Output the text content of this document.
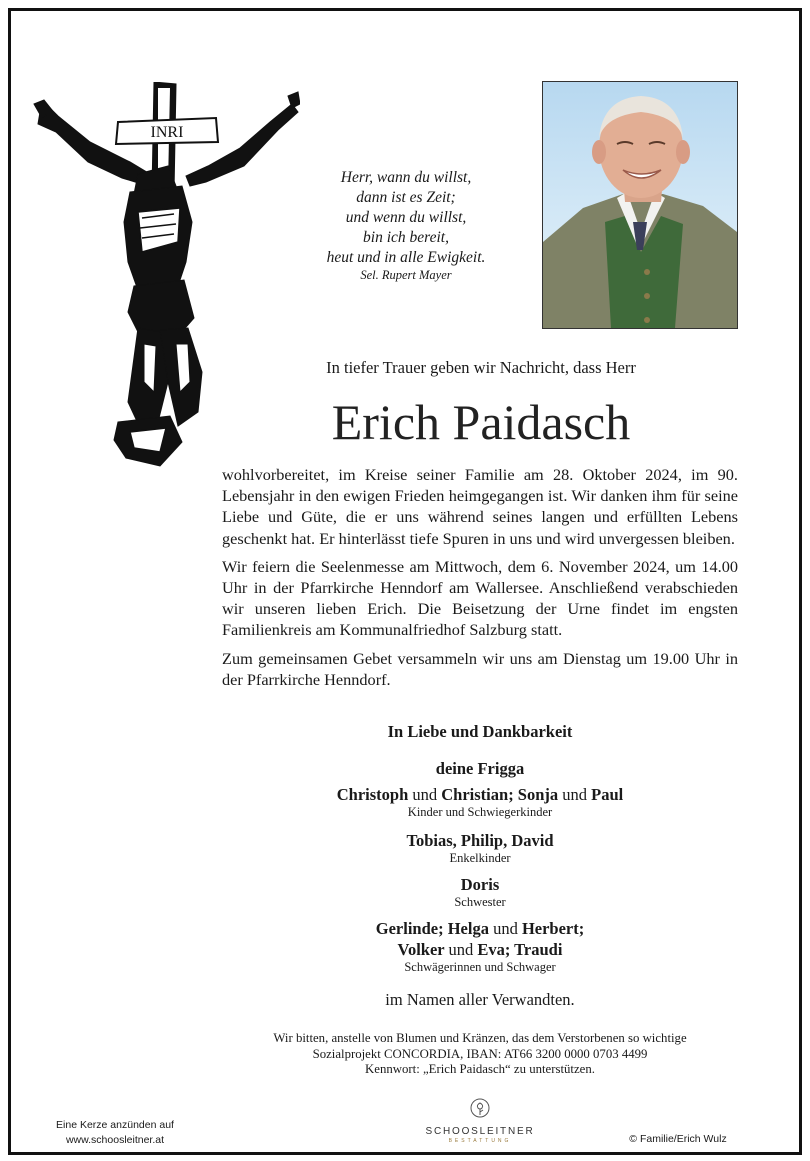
INRI
Herr, wann du willst,
dann ist es Zeit;
und wenn du willst,
bin ich bereit,
heut und in alle Ewigkeit.
Sel. Rupert Mayer
In tiefer Trauer geben wir Nachricht, dass Herr
Erich Paidasch

wohlvorbereitet, im Kreise seiner Familie am 28. Oktober 2024, im 90. Lebensjahr in den ewigen Frieden heimgegangen ist. Wir danken ihm für seine Liebe und Güte, die er uns während seines langen und erfüllten Lebens geschenkt hat. Er hinterlässt tiefe Spuren in uns und wird unvergessen bleiben.

Wir feiern die Seelenmesse am Mittwoch, dem 6. November 2024, um 14.00 Uhr in der Pfarrkirche Henndorf am Wallersee. Anschließend verabschieden wir unseren lieben Erich. Die Beisetzung der Urne findet im engsten Familienkreis am Kommunalfriedhof Salzburg statt.

Zum gemeinsamen Gebet versammeln wir uns am Dienstag um 19.00 Uhr in der Pfarrkirche Henndorf.

In Liebe und Dankbarkeit
deine Frigga
Christoph und Christian; Sonja und Paul
Kinder und Schwiegerkinder
Tobias, Philip, David
Enkelkinder
Doris
Schwester
Gerlinde; Helga und Herbert;
Volker und Eva; Traudi
Schwägerinnen und Schwager
im Namen aller Verwandten.
Wir bitten, anstelle von Blumen und Kränzen, das dem Verstorbenen so wichtige
Sozialprojekt CONCORDIA, IBAN: AT66 3200 0000 0703 4499
Kennwort: „Erich Paidasch“ zu unterstützen.
Eine Kerze anzünden auf
www.schoosleitner.at
SCHOOSLEITNER
BESTATTUNG	© Familie/Erich Wulz
